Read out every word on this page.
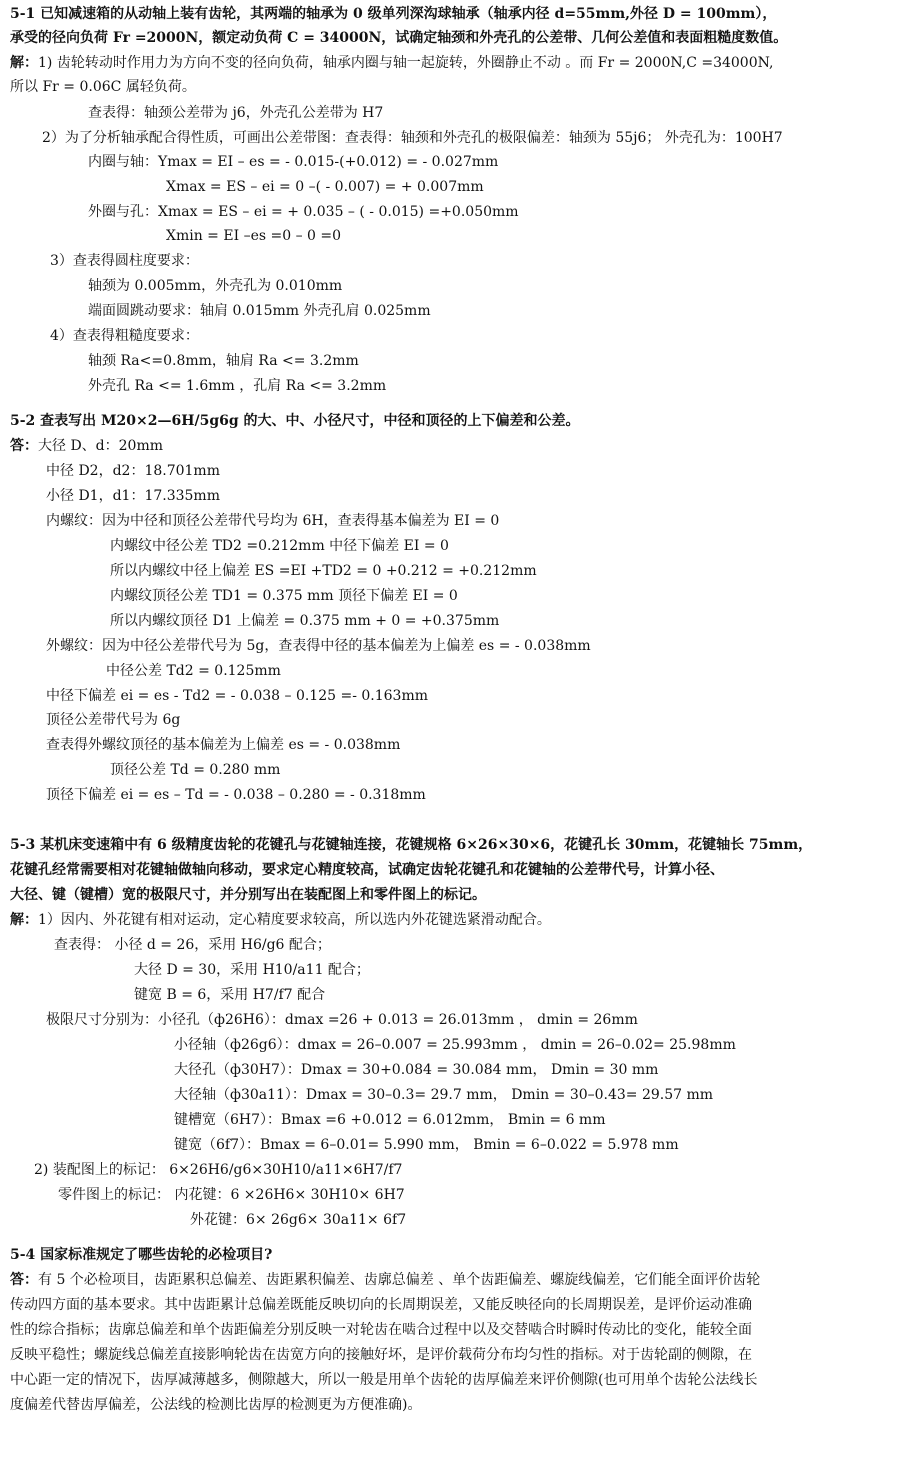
5-1 已知减速箱的从动轴上装有齿轮，其两端的轴承为 0 级单列深沟球轴承（轴承内径 d=55mm,外径 D = 100mm），
承受的径向负荷 Fr =2000N，额定动负荷 C = 34000N，试确定轴颈和外壳孔的公差带、几何公差值和表面粗糙度数值。
解：1) 齿轮转动时作用力为方向不变的径向负荷，轴承内圈与轴一起旋转，外圈静止不动 。而 Fr = 2000N,C =34000N,
所以 Fr = 0.06C 属轻负荷。
查表得：轴颈公差带为 j6，外壳孔公差带为 H7
2）为了分析轴承配合得性质，可画出公差带图：查表得：轴颈和外壳孔的极限偏差：轴颈为 55j6； 外壳孔为：100H7
内圈与轴：Ymax = EI – es = - 0.015-(+0.012) = - 0.027mm
Xmax = ES – ei = 0 –( - 0.007) = + 0.007mm
外圈与孔：Xmax = ES – ei = + 0.035 – ( - 0.015) =+0.050mm
Xmin = EI –es =0 – 0 =0
3）查表得圆柱度要求：
轴颈为 0.005mm，外壳孔为 0.010mm
端面圆跳动要求：轴肩 0.015mm 外壳孔肩 0.025mm
4）查表得粗糙度要求：
轴颈 Ra<=0.8mm，轴肩 Ra <= 3.2mm
外壳孔 Ra <= 1.6mm ，孔肩 Ra <= 3.2mm
5-2 查表写出 M20×2—6H/5g6g 的大、中、小径尺寸，中径和顶径的上下偏差和公差。
答：大径 D、d：20mm
中径 D2，d2：18.701mm
小径 D1，d1：17.335mm
内螺纹：因为中径和顶径公差带代号均为 6H，查表得基本偏差为 EI = 0
内螺纹中径公差 TD2 =0.212mm 中径下偏差 EI = 0
所以内螺纹中径上偏差 ES =EI +TD2 = 0 +0.212 = +0.212mm
内螺纹顶径公差 TD1 = 0.375 mm 顶径下偏差 EI = 0
所以内螺纹顶径 D1 上偏差 = 0.375 mm + 0 = +0.375mm
外螺纹：因为中径公差带代号为 5g，查表得中径的基本偏差为上偏差 es = - 0.038mm
中径公差 Td2 = 0.125mm
中径下偏差 ei = es - Td2 = - 0.038 – 0.125 =- 0.163mm
顶径公差带代号为 6g
查表得外螺纹顶径的基本偏差为上偏差 es = - 0.038mm
顶径公差 Td = 0.280 mm
顶径下偏差 ei = es – Td = - 0.038 – 0.280 = - 0.318mm
5-3 某机床变速箱中有 6 级精度齿轮的花键孔与花键轴连接，花键规格 6×26×30×6，花键孔长 30mm，花键轴长 75mm，
花键孔经常需要相对花键轴做轴向移动，要求定心精度较高，试确定齿轮花键孔和花键轴的公差带代号，计算小径、
大径、键（键槽）宽的极限尺寸，并分别写出在装配图上和零件图上的标记。
解：1）因内、外花键有相对运动，定心精度要求较高，所以选内外花键选紧滑动配合。
查表得： 小径 d = 26，采用 H6/g6 配合；
大径 D = 30，采用 H10/a11 配合；
键宽 B = 6，采用 H7/f7 配合
极限尺寸分别为：小径孔（ф26H6）：dmax =26 + 0.013 = 26.013mm ， dmin = 26mm
小径轴（ф26g6）：dmax = 26–0.007 = 25.993mm ， dmin = 26–0.02= 25.98mm
大径孔（ф30H7）：Dmax = 30+0.084 = 30.084 mm， Dmin = 30 mm
大径轴（ф30a11）：Dmax = 30–0.3= 29.7 mm， Dmin = 30–0.43= 29.57 mm
键槽宽（6H7）：Bmax =6 +0.012 = 6.012mm， Bmin = 6 mm
键宽（6f7）：Bmax = 6–0.01= 5.990 mm， Bmin = 6–0.022 = 5.978 mm
2) 装配图上的标记： 6×26H6/g6×30H10/a11×6H7/f7
零件图上的标记： 内花键：6 ×26H6× 30H10× 6H7
外花键：6× 26g6× 30a11× 6f7
5-4 国家标准规定了哪些齿轮的必检项目?
答：有 5 个必检项目，齿距累积总偏差、齿距累积偏差、齿廓总偏差 、单个齿距偏差、螺旋线偏差，它们能全面评价齿轮
传动四方面的基本要求。其中齿距累计总偏差既能反映切向的长周期误差，又能反映径向的长周期误差，是评价运动准确
性的综合指标；齿廓总偏差和单个齿距偏差分别反映一对轮齿在啮合过程中以及交替啮合时瞬时传动比的变化，能较全面
反映平稳性；螺旋线总偏差直接影响轮齿在齿宽方向的接触好坏，是评价载荷分布均匀性的指标。对于齿轮副的侧隙，在
中心距一定的情况下，齿厚减薄越多，侧隙越大，所以一般是用单个齿轮的齿厚偏差来评价侧隙(也可用单个齿轮公法线长
度偏差代替齿厚偏差，公法线的检测比齿厚的检测更为方便准确)。
